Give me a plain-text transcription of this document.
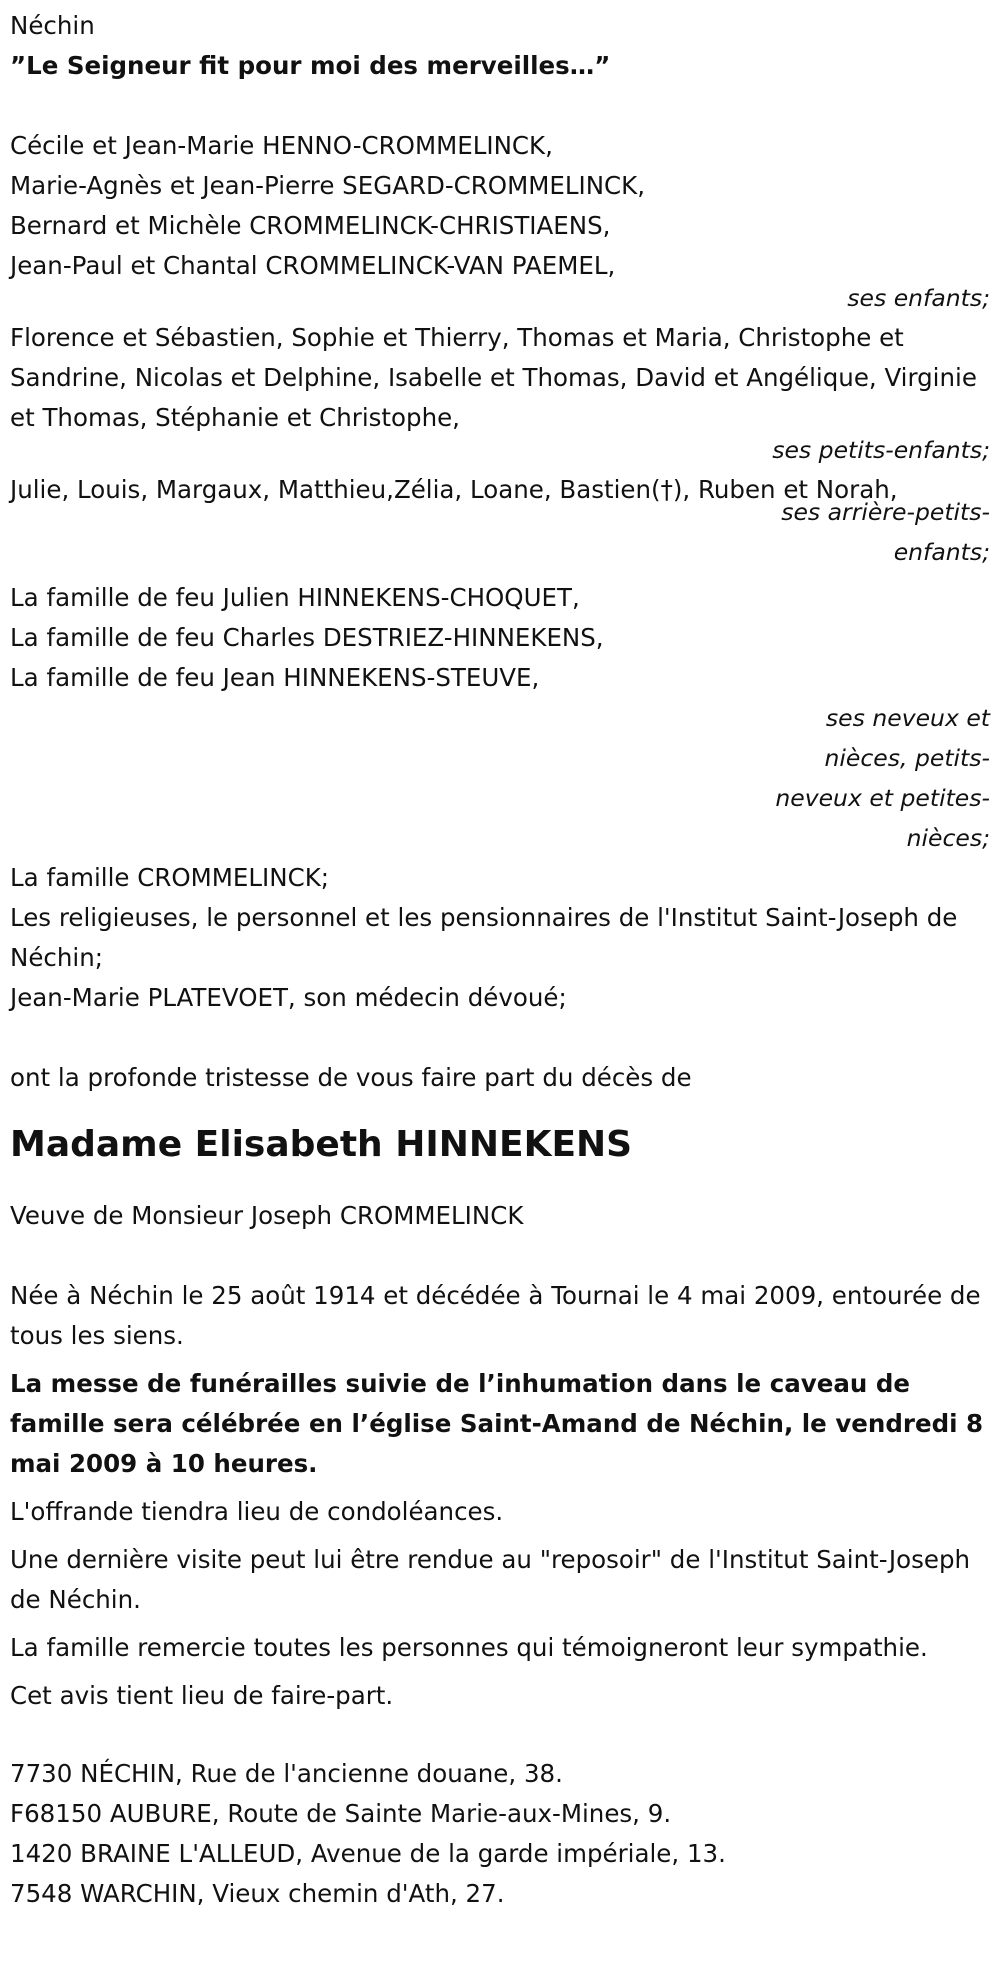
Néchin
”Le Seigneur fit pour moi des merveilles…”
Cécile et Jean-Marie HENNO-CROMMELINCK,
Marie-Agnès et Jean-Pierre SEGARD-CROMMELINCK,
Bernard et Michèle CROMMELINCK-CHRISTIAENS,
Jean-Paul et Chantal CROMMELINCK-VAN PAEMEL,
ses enfants;
Florence et Sébastien, Sophie et Thierry, Thomas et Maria, Christophe et Sandrine, Nicolas et Delphine, Isabelle et Thomas, David et Angélique, Virginie et Thomas, Stéphanie et Christophe,
ses petits-enfants;
Julie, Louis, Margaux, Matthieu,Zélia, Loane, Bastien(†), Ruben et Norah,
ses arrière-petits-enfants;
La famille de feu Julien HINNEKENS-CHOQUET,
La famille de feu Charles DESTRIEZ-HINNEKENS,
La famille de feu Jean HINNEKENS-STEUVE,
ses neveux et nièces, petits-neveux et petites-nièces;
La famille CROMMELINCK;
Les religieuses, le personnel et les pensionnaires de l'Institut Saint-Joseph de Néchin;
Jean-Marie PLATEVOET, son médecin dévoué;
ont la profonde tristesse de vous faire part du décès de
Madame Elisabeth HINNEKENS
Veuve de Monsieur Joseph CROMMELINCK
Née à Néchin le 25 août 1914 et décédée à Tournai le 4 mai 2009, entourée de tous les siens.
La messe de funérailles suivie de l’inhumation dans le caveau de famille sera célébrée en l’église Saint-Amand de Néchin, le vendredi 8 mai 2009 à 10 heures.
L'offrande tiendra lieu de condoléances.
Une dernière visite peut lui être rendue au "reposoir" de l'Institut Saint-Joseph de Néchin.
La famille remercie toutes les personnes qui témoigneront leur sympathie.
Cet avis tient lieu de faire-part.
7730 NÉCHIN, Rue de l'ancienne douane, 38.
F68150 AUBURE, Route de Sainte Marie-aux-Mines, 9.
1420 BRAINE L'ALLEUD, Avenue de la garde impériale, 13.
7548 WARCHIN, Vieux chemin d'Ath, 27.
